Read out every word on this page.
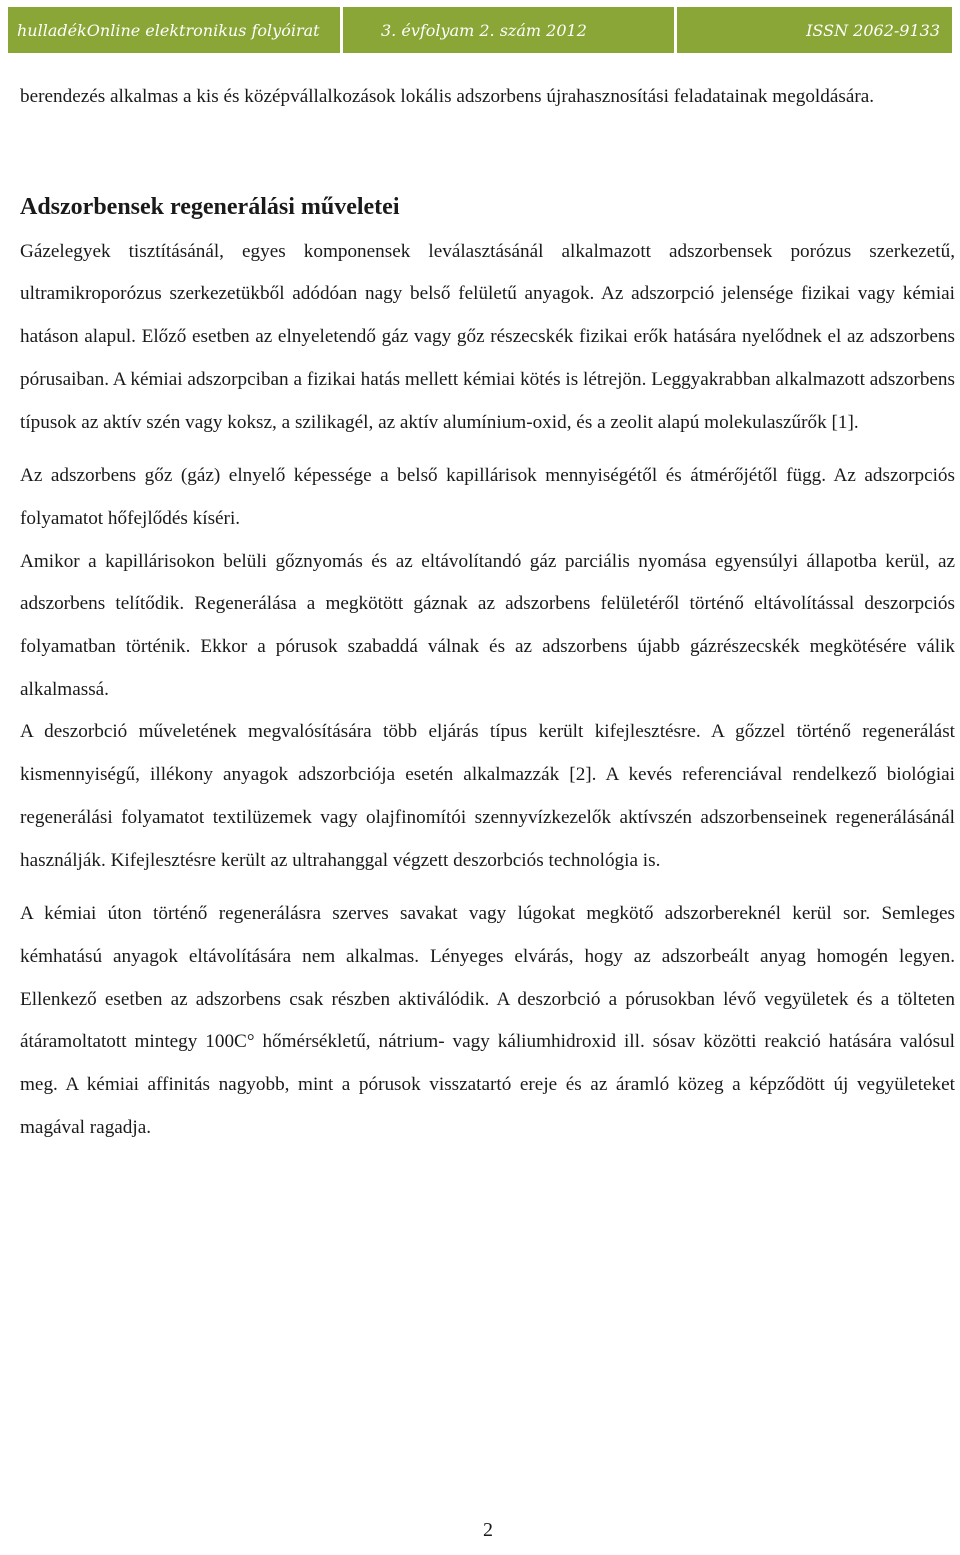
hulladékOnline elektronikus folyóirat	3. évfolyam 2. szám 2012	ISSN 2062-9133

berendezés alkalmas a kis és középvállalkozások lokális adszorbens újrahasznosítási feladatainak megoldására.

Adszorbensek regenerálási műveletei

Gázelegyek tisztításánál, egyes komponensek leválasztásánál alkalmazott adszorbensek porózus szerkezetű, ultramikroporózus szerkezetükből adódóan nagy belső felületű anyagok. Az adszorpció jelensége fizikai vagy kémiai hatáson alapul. Előző esetben az elnyeletendő gáz vagy gőz részecskék fizikai erők hatására nyelődnek el az adszorbens pórusaiban. A kémiai adszorpciban a fizikai hatás mellett kémiai kötés is létrejön. Leggyakrabban alkalmazott adszorbens típusok az aktív szén vagy koksz, a szilikagél, az aktív alumínium-oxid, és a zeolit alapú molekulaszűrők [1].

Az adszorbens gőz (gáz) elnyelő képessége a belső kapillárisok mennyiségétől és átmérőjétől függ. Az adszorpciós folyamatot hőfejlődés kíséri.

Amikor a kapillárisokon belüli gőznyomás és az eltávolítandó gáz parciális nyomása egyensúlyi állapotba kerül, az adszorbens telítődik. Regenerálása a megkötött gáznak az adszorbens felületéről történő eltávolítással deszorpciós folyamatban történik. Ekkor a pórusok szabaddá válnak és az adszorbens újabb gázrészecskék megkötésére válik alkalmassá.

A deszorbció műveletének megvalósítására több eljárás típus került kifejlesztésre. A gőzzel történő regenerálást kismennyiségű, illékony anyagok adszorbciója esetén alkalmazzák [2]. A kevés referenciával rendelkező biológiai regenerálási folyamatot textilüzemek vagy olajfinomítói szennyvízkezelők aktívszén adszorbenseinek regenerálásánál használják. Kifejlesztésre került az ultrahanggal végzett deszorbciós technológia is.

A kémiai úton történő regenerálásra szerves savakat vagy lúgokat megkötő adszorbereknél kerül sor. Semleges kémhatású anyagok eltávolítására nem alkalmas. Lényeges elvárás, hogy az adszorbeált anyag homogén legyen. Ellenkező esetben az adszorbens csak részben aktiválódik. A deszorbció a pórusokban lévő vegyületek és a tölteten átáramoltatott mintegy 100C° hőmérsékletű, nátrium- vagy káliumhidroxid ill. sósav közötti reakció hatására valósul meg. A kémiai affinitás nagyobb, mint a pórusok visszatartó ereje és az áramló közeg a képződött új vegyületeket magával ragadja.

2
